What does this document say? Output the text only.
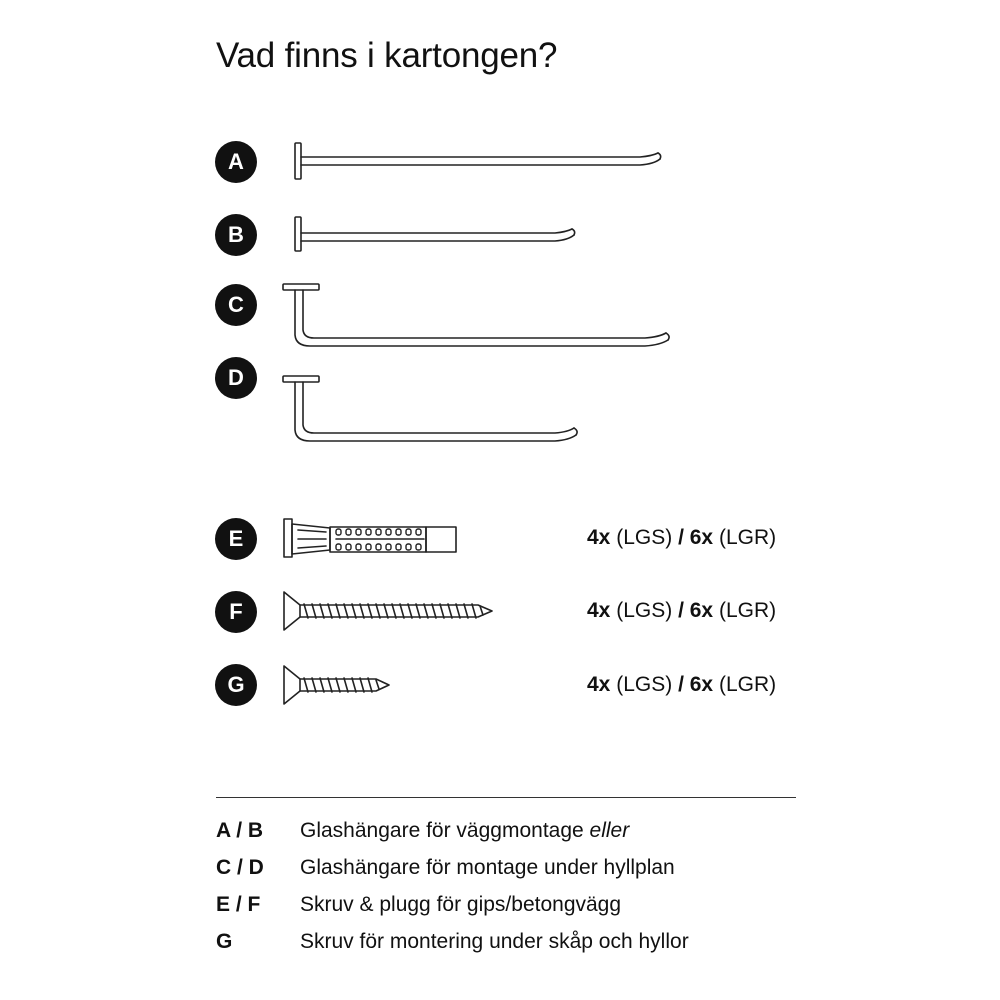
Vad finns i kartongen?
A
B
C
D
E
F
G
4x (LGS) / 6x (LGR)
4x (LGS) / 6x (LGR)
4x (LGS) / 6x (LGR)
A / B Glashängare för väggmontage eller
C / D Glashängare för montage under hyllplan
E / F Skruv & plugg för gips/betongvägg
G	Skruv för montering under skåp och hyllor
